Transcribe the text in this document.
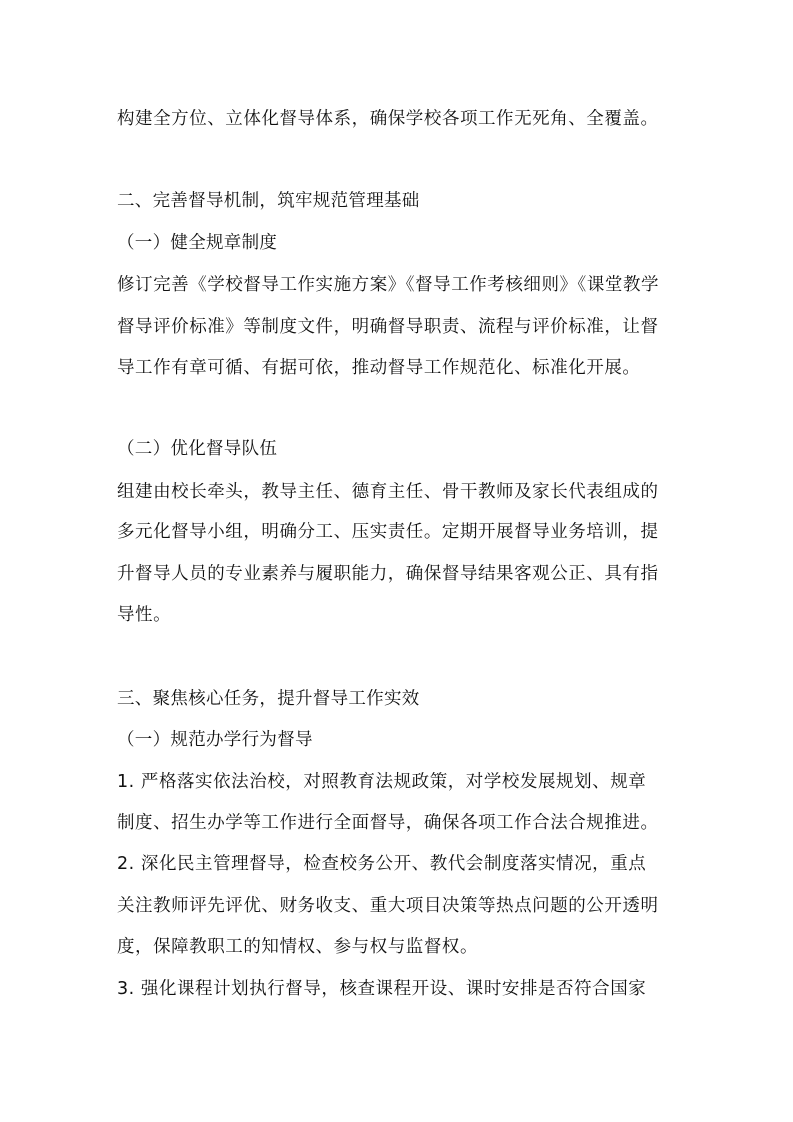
构建全方位、立体化督导体系，确保学校各项工作无死角、全覆盖。
二、完善督导机制，筑牢规范管理基础
（一）健全规章制度
修订完善《学校督导工作实施方案》《督导工作考核细则》《课堂教学
督导评价标准》等制度文件，明确督导职责、流程与评价标准，让督
导工作有章可循、有据可依，推动督导工作规范化、标准化开展。
（二）优化督导队伍
组建由校长牵头，教导主任、德育主任、骨干教师及家长代表组成的
多元化督导小组，明确分工、压实责任。定期开展督导业务培训，提
升督导人员的专业素养与履职能力，确保督导结果客观公正、具有指
导性。
三、聚焦核心任务，提升督导工作实效
（一）规范办学行为督导
1. 严格落实依法治校，对照教育法规政策，对学校发展规划、规章
制度、招生办学等工作进行全面督导，确保各项工作合法合规推进。
2. 深化民主管理督导，检查校务公开、教代会制度落实情况，重点
关注教师评先评优、财务收支、重大项目决策等热点问题的公开透明
度，保障教职工的知情权、参与权与监督权。
3. 强化课程计划执行督导，核查课程开设、课时安排是否符合国家
